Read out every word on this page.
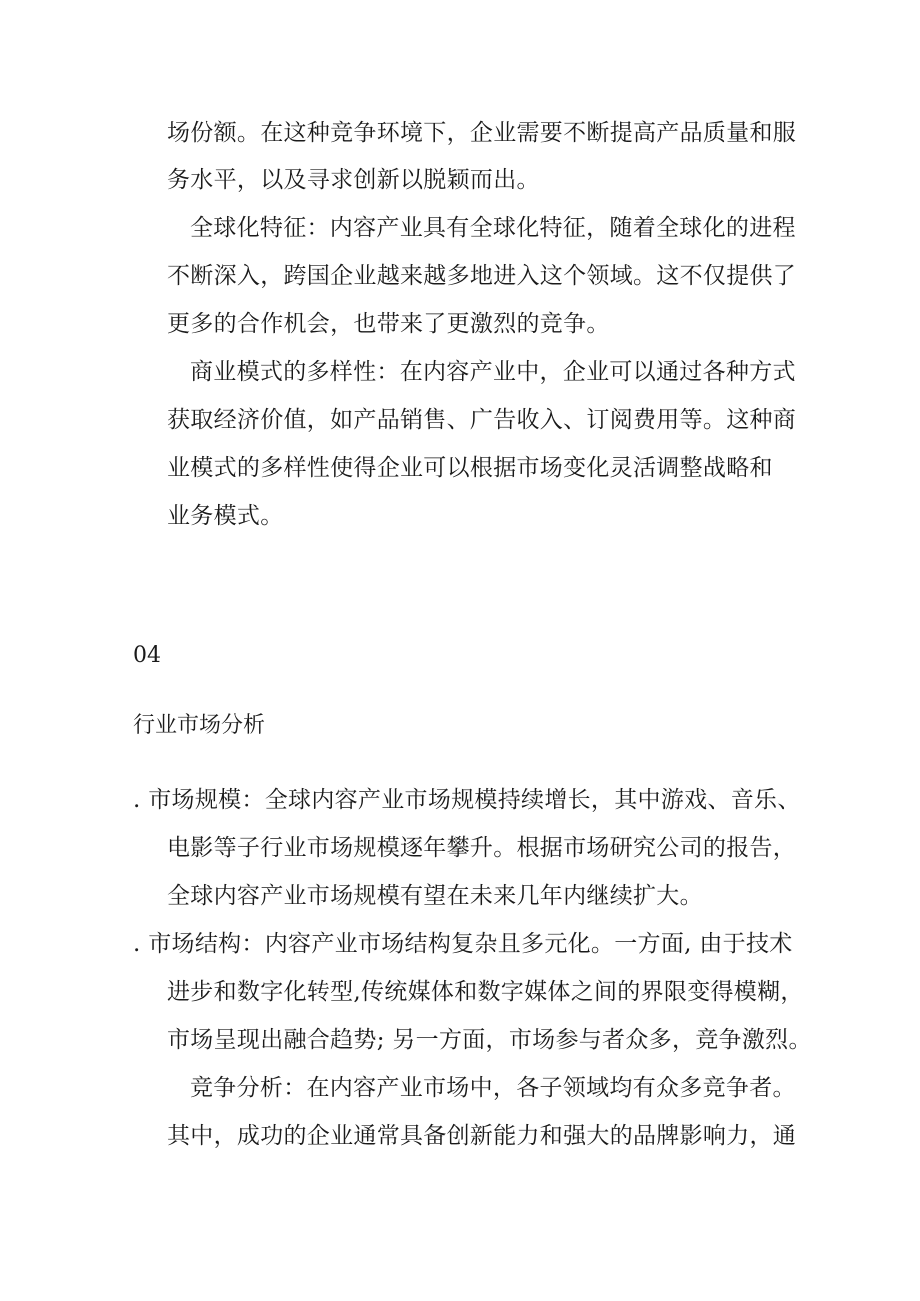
场份额。在这种竞争环境下，企业需要不断提高产品质量和服
务水平，以及寻求创新以脱颖而出。
全球化特征：内容产业具有全球化特征，随着全球化的进程
不断深入，跨国企业越来越多地进入这个领域。这不仅提供了
更多的合作机会，也带来了更激烈的竞争。
商业模式的多样性：在内容产业中，企业可以通过各种方式
获取经济价值，如产品销售、广告收入、订阅费用等。这种商
业模式的多样性使得企业可以根据市场变化灵活调整战略和
业务模式。
04
行业市场分析
. 市场规模：全球内容产业市场规模持续增长，其中游戏、音乐、
电影等子行业市场规模逐年攀升。根据市场研究公司的报告，
全球内容产业市场规模有望在未来几年内继续扩大。
. 市场结构：内容产业市场结构复杂且多元化。一方面, 由于技术
进步和数字化转型,传统媒体和数字媒体之间的界限变得模糊，
市场呈现出融合趋势; 另一方面，市场参与者众多，竞争激烈。
竞争分析：在内容产业市场中，各子领域均有众多竞争者。
其中，成功的企业通常具备创新能力和强大的品牌影响力，通
